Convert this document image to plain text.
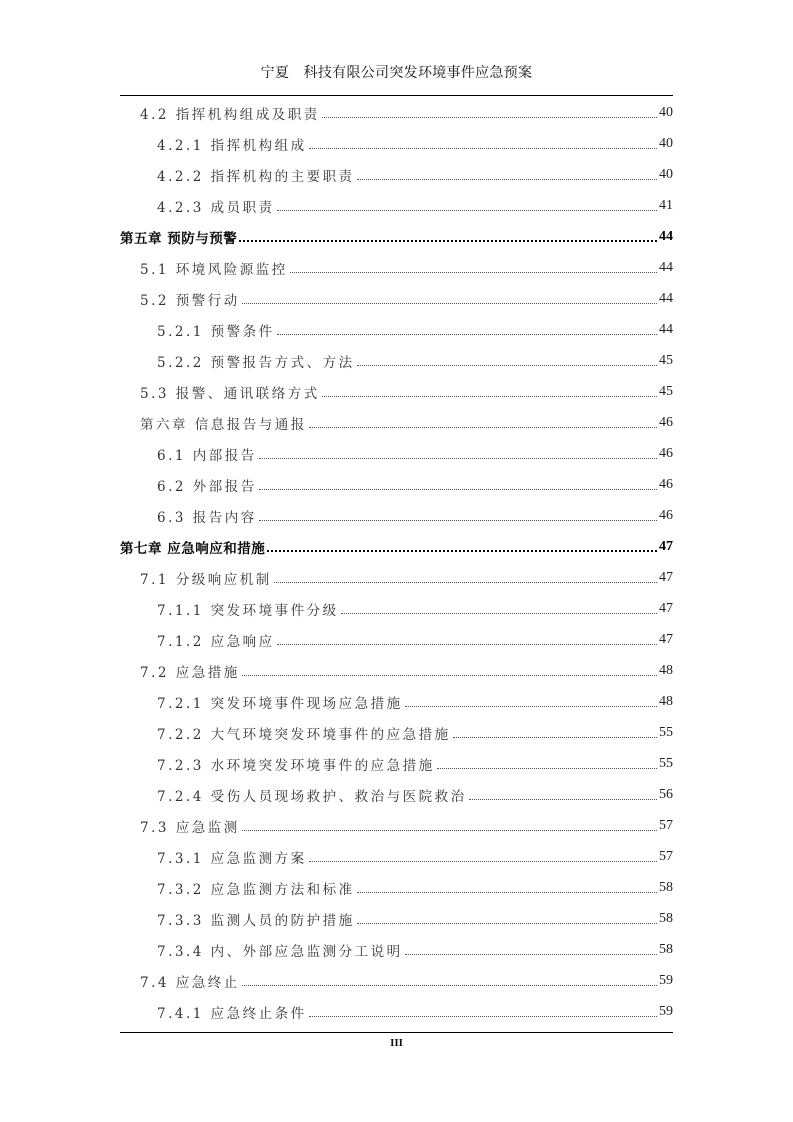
宁夏　科技有限公司突发环境事件应急预案
4.2 指挥机构组成及职责	40
4.2.1 指挥机构组成	40
4.2.2 指挥机构的主要职责	40
4.2.3 成员职责	41
第五章 预防与预警	44
5.1 环境风险源监控	44
5.2 预警行动	44
5.2.1 预警条件	44
5.2.2 预警报告方式、方法	45
5.3 报警、通讯联络方式	45
第六章 信息报告与通报	46
6.1 内部报告	46
6.2 外部报告	46
6.3 报告内容	46
第七章 应急响应和措施	47
7.1 分级响应机制	47
7.1.1 突发环境事件分级	47
7.1.2 应急响应	47
7.2 应急措施	48
7.2.1 突发环境事件现场应急措施	48
7.2.2 大气环境突发环境事件的应急措施	55
7.2.3 水环境突发环境事件的应急措施	55
7.2.4 受伤人员现场救护、救治与医院救治	56
7.3 应急监测	57
7.3.1 应急监测方案	57
7.3.2 应急监测方法和标准	58
7.3.3 监测人员的防护措施	58
7.3.4 内、外部应急监测分工说明	58
7.4 应急终止	59
7.4.1 应急终止条件	59
III
